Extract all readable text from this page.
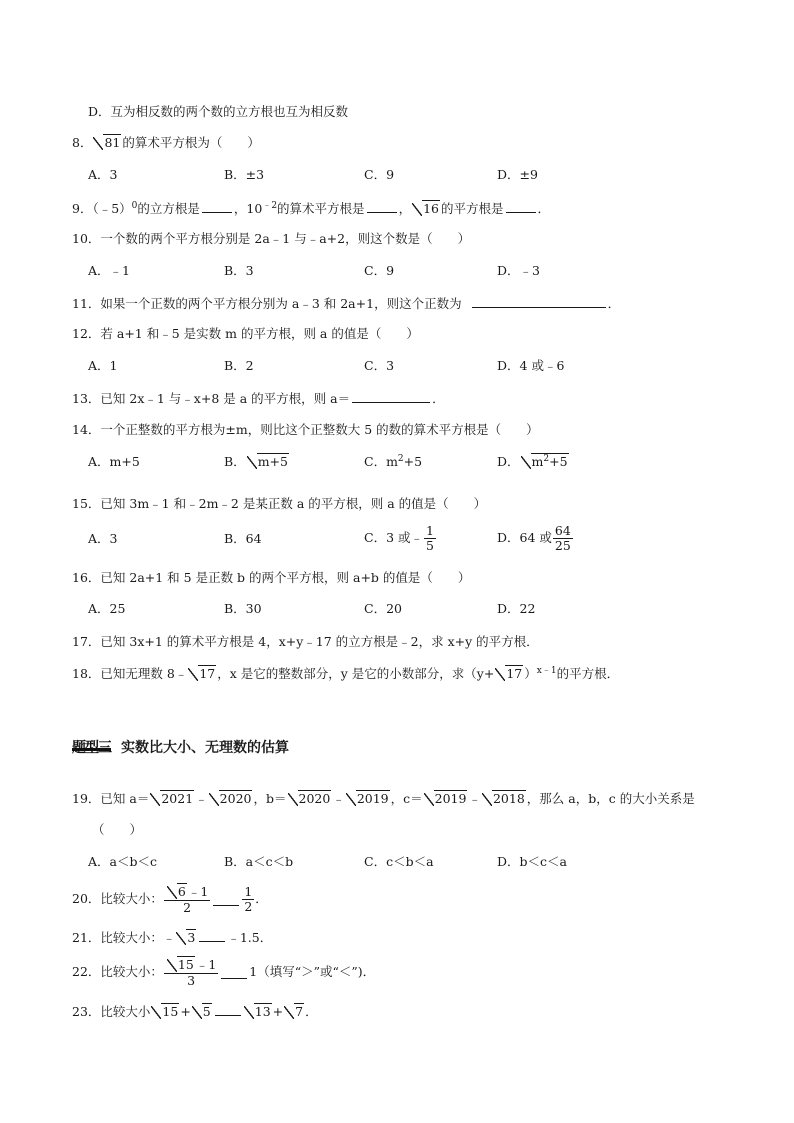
D．互为相反数的两个数的立方根也互为相反数
8． 81 的算术平方根为（　　）
A．3	B．±3	C．9	D．±9
9．（﹣5）$^0$的立方根是	，$10^{﹣2}$的算术平方根是	， 16 的平方根是	．
10．一个数的两个平方根分别是 2a﹣1 与﹣a+2，则这个数是（　　）
A．﹣1	B．3	C．9	D．﹣3
11．如果一个正数的两个平方根分别为 a﹣3 和 2a+1，则这个正数为	．
12．若 a+1 和﹣5 是实数 m 的平方根，则 a 的值是（　　）
A．1	B．2	C．3	D．4 或﹣6
13．已知 2x﹣1 与﹣x+8 是 a 的平方根，则 a＝	．
14．一个正整数的平方根为±m，则比这个正整数大 5 的数的算术平方根是（　　）
A．m+5	B． m+5	C．$m^2+5$	D． $m^2+5$
15．已知 3m﹣1 和﹣2m﹣2 是某正数 a 的平方根，则 a 的值是（　　）
A．3	B．64	C．3 或﹣ $\frac{1}{5}$	D．64 或 $\frac{64}{25}$
16．已知 2a+1 和 5 是正数 b 的两个平方根，则 a+b 的值是（　　）
A．25	B．30	C．20	D．22
17．已知 3x+1 的算术平方根是 4，x+y﹣17 的立方根是﹣2，求 x+y 的平方根．
18．已知无理数 8﹣ 17 ，x 是它的整数部分，y 是它的小数部分，求（y+ 17 ）$^{x﹣1}$的平方根．
题型三 实数比大小、无理数的估算
19．已知 a＝ 2021 ﹣ 2020 ，b＝ 2020 ﹣ 2019 ，c＝ 2019 ﹣ 2018 ，那么 a，b，c 的大小关系是
（　　）
A．a＜b＜c	B．a＜c＜b	C．c＜b＜a	D．b＜c＜a
20．比较大小： $\frac{6 ﹣1}{2}$	$\frac{1}{2}$ ．
21．比较大小：﹣ 3	﹣1.5．
22．比较大小： $\frac{15 ﹣1}{3} 1$（填写“＞”或“＜”)．
23．比较大小 15 + 5	13 + 7 ．
